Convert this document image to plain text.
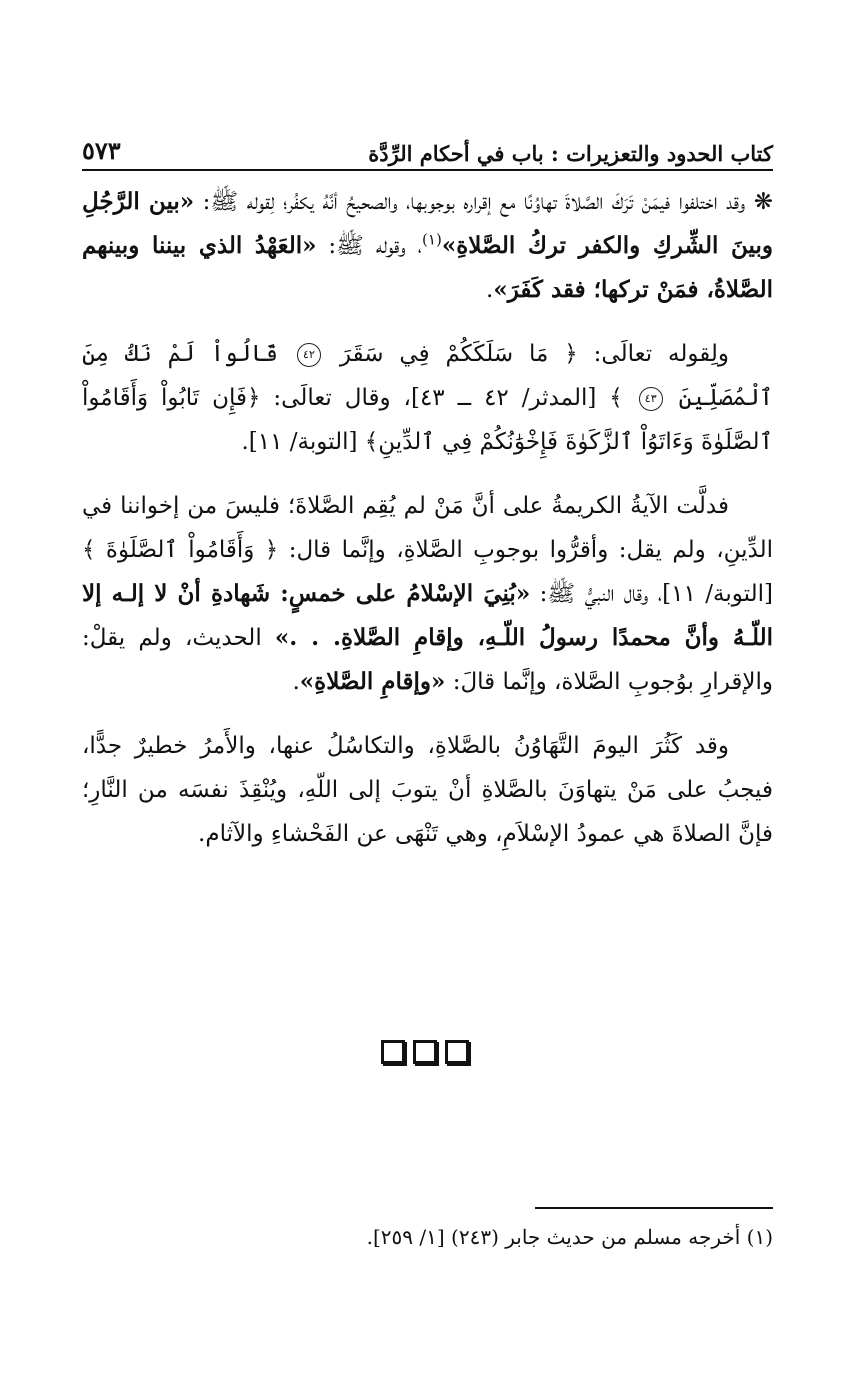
كتاب الحدود والتعزيرات : باب في أحكام الرِّدَّة
٥٧٣

❋ وقد اختلفوا فيمَنْ تَرَكَ الصَّلاةَ تهاوُنًا مع إقراره بوجوبها، والصحيحُ أنَّهُ يكفُر؛ لِقوله ﷺ: «بين الرَّجُلِ وبينَ الشِّركِ والكفر تركُ الصَّلاةِ»$^{(١)}$، وقوله ﷺ: «العَهْدُ الذي بيننا وبينهم الصَّلاةُ، فمَنْ تركها؛ فقد كَفَرَ».

ولِقوله تعالَى: ﴿ مَا سَلَكَكُمْ فِي سَقَرَ ٤٢ قَالُواْ لَمْ نَكُ مِنَ ٱلْمُصَلِّينَ ٤٣ ﴾ [المدثر/ ٤٢ ــ ٤٣]، وقال تعالَى: ﴿فَإِن تَابُواْ وَأَقَامُواْ ٱلصَّلَوٰةَ وَءَاتَوُاْ ٱلزَّكَوٰةَ فَإِخْوَٰنُكُمْ فِي ٱلدِّينِ﴾ [التوبة/ ١١].

فدلَّت الآيةُ الكريمةُ على أنَّ مَنْ لم يُقِم الصَّلاةَ؛ فليسَ من إخواننا في الدِّينِ، ولم يقل: وأقرُّوا بوجوبِ الصَّلاةِ، وإنَّما قال: ﴿ وَأَقَامُواْ ٱلصَّلَوٰةَ ﴾ [التوبة/ ١١]، وقال النبيُّ ﷺ: «بُنِيَ الإسْلامُ على خمسٍ: شَهادةِ أنْ لا إلـه إلا اللّـهُ وأنَّ محمدًا رسولُ اللّـهِ، وإقامِ الصَّلاةِ. . .» الحديث، ولم يقلْ: والإقرارِ بوُجوبِ الصَّلاة، وإنَّما قالَ: «وإقامِ الصَّلاةِ».

وقد كَثُرَ اليومَ التَّهَاوُنُ بالصَّلاةِ، والتكاسُلُ عنها، والأَمرُ خطيرٌ جدًّا، فيجبُ على مَنْ يتهاوَنَ بالصَّلاةِ أنْ يتوبَ إلى اللّهِ، ويُنْقِذَ نفسَه من النَّارِ؛ فإنَّ الصلاةَ هي عمودُ الإسْلاَمِ، وهي تَنْهَى عن الفَحْشاءِ والآثام.

(١) أخرجه مسلم من حديث جابر (٢٤٣) [١/ ٢٥٩].
